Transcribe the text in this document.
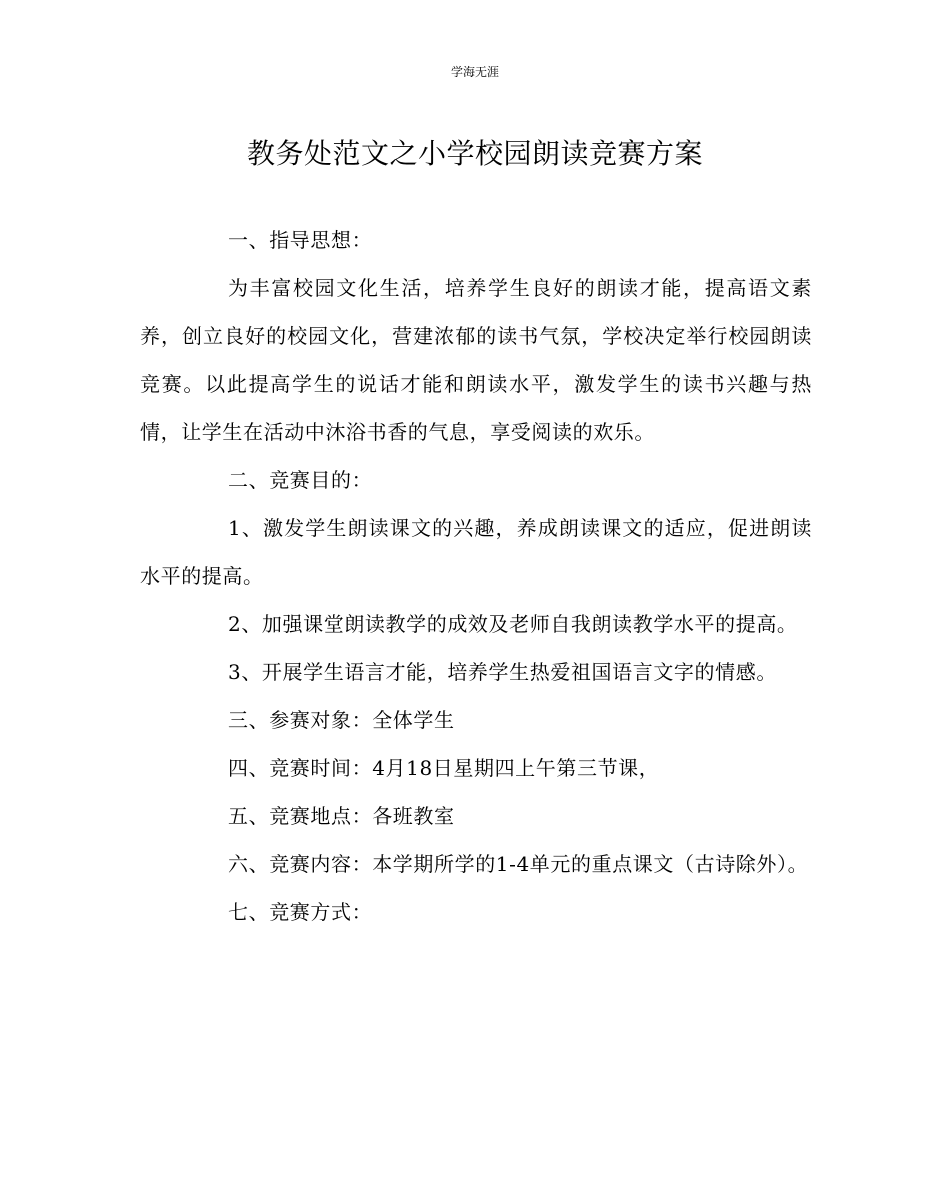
学海无涯
教务处范文之小学校园朗读竞赛方案

一、指导思想：

为丰富校园文化生活，培养学生良好的朗读才能，提高语文素养，创立良好的校园文化，营建浓郁的读书气氛，学校决定举行校园朗读竞赛。以此提高学生的说话才能和朗读水平，激发学生的读书兴趣与热情，让学生在活动中沐浴书香的气息，享受阅读的欢乐。

二、竞赛目的：

1、激发学生朗读课文的兴趣，养成朗读课文的适应，促进朗读水平的提高。

2、加强课堂朗读教学的成效及老师自我朗读教学水平的提高。

3、开展学生语言才能，培养学生热爱祖国语言文字的情感。

三、参赛对象：全体学生

四、竞赛时间：4月18日星期四上午第三节课，

五、竞赛地点：各班教室

六、竞赛内容：本学期所学的1-4单元的重点课文（古诗除外）。

七、竞赛方式：
